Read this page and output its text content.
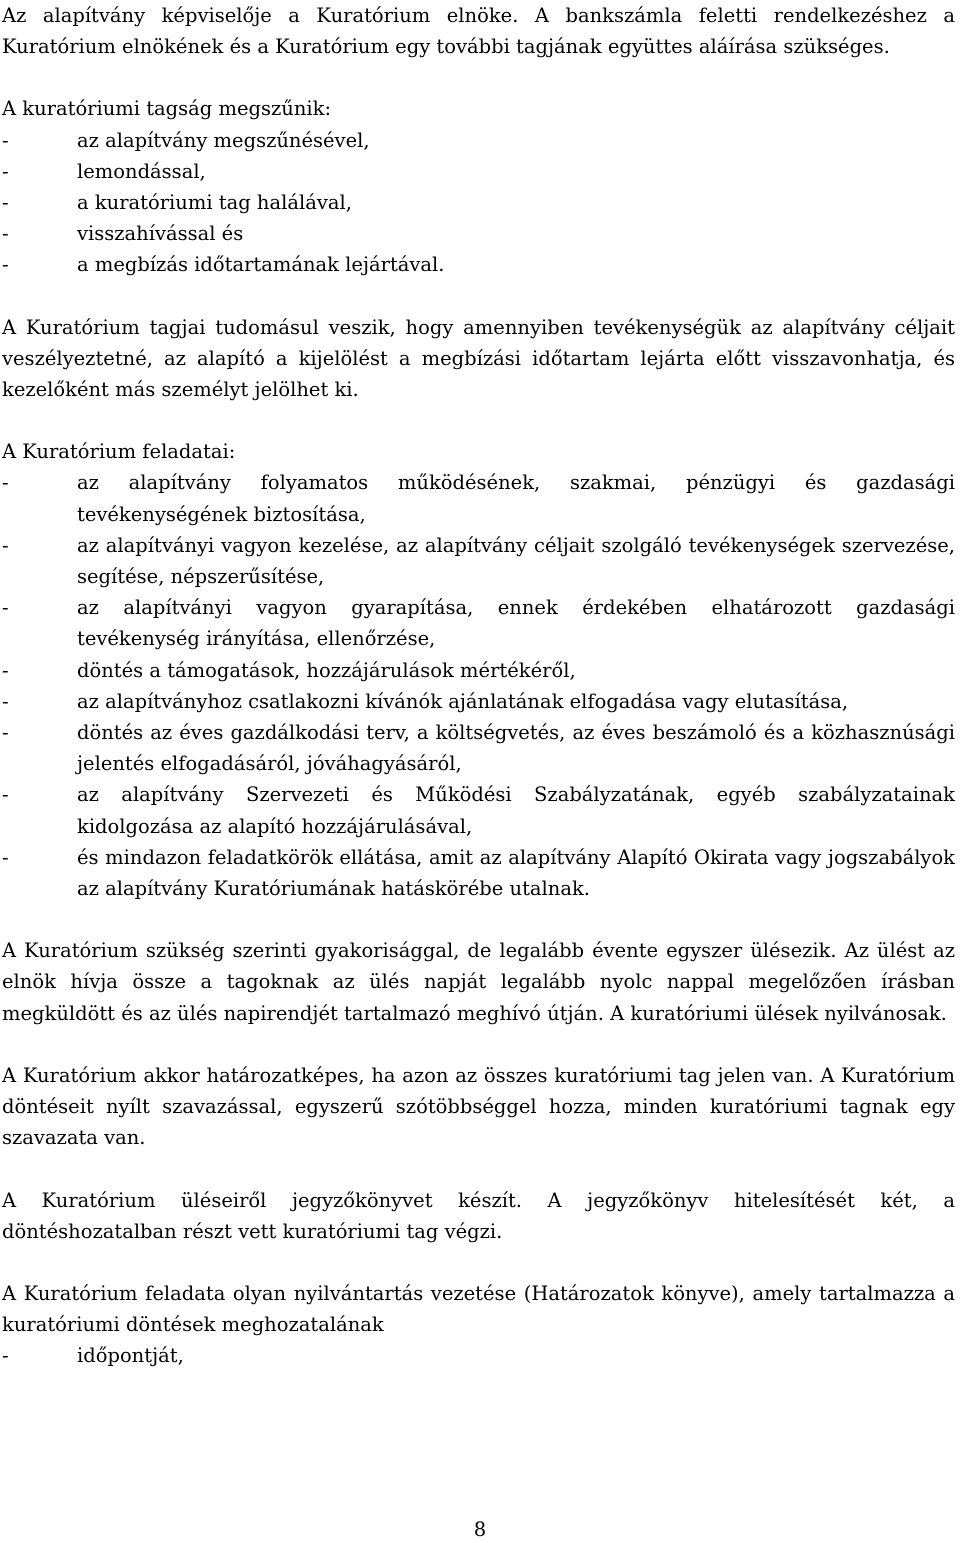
Az alapítvány képviselője a Kuratórium elnöke. A bankszámla feletti rendelkezéshez a Kuratórium elnökének és a Kuratórium egy további tagjának együttes aláírása szükséges.

A kuratóriumi tagság megszűnik:

-	az alapítvány megszűnésével,
-	lemondással,
-	a kuratóriumi tag halálával,
-	visszahívással és
-	a megbízás időtartamának lejártával.

A Kuratórium tagjai tudomásul veszik, hogy amennyiben tevékenységük az alapítvány céljait veszélyeztetné, az alapító a kijelölést a megbízási időtartam lejárta előtt visszavonhatja, és kezelőként más személyt jelölhet ki.

A Kuratórium feladatai:

-	az alapítvány folyamatos működésének, szakmai, pénzügyi és gazdasági tevékenységének biztosítása,
-	az alapítványi vagyon kezelése, az alapítvány céljait szolgáló tevékenységek szervezése, segítése, népszerűsítése,
-	az alapítványi vagyon gyarapítása, ennek érdekében elhatározott gazdasági tevékenység irányítása, ellenőrzése,
-	döntés a támogatások, hozzájárulások mértékéről,
-	az alapítványhoz csatlakozni kívánók ajánlatának elfogadása vagy elutasítása,
-	döntés az éves gazdálkodási terv, a költségvetés, az éves beszámoló és a közhasznúsági jelentés elfogadásáról, jóváhagyásáról,
-	az alapítvány Szervezeti és Működési Szabályzatának, egyéb szabályzatainak kidolgozása az alapító hozzájárulásával,
-	és mindazon feladatkörök ellátása, amit az alapítvány Alapító Okirata vagy jogszabályok az alapítvány Kuratóriumának hatáskörébe utalnak.

A Kuratórium szükség szerinti gyakorisággal, de legalább évente egyszer ülésezik. Az ülést az elnök hívja össze a tagoknak az ülés napját legalább nyolc nappal megelőzően írásban megküldött és az ülés napirendjét tartalmazó meghívó útján. A kuratóriumi ülések nyilvánosak.

A Kuratórium akkor határozatképes, ha azon az összes kuratóriumi tag jelen van. A Kuratórium döntéseit nyílt szavazással, egyszerű szótöbbséggel hozza, minden kuratóriumi tagnak egy szavazata van.

A Kuratórium üléseiről jegyzőkönyvet készít. A jegyzőkönyv hitelesítését két, a döntéshozatalban részt vett kuratóriumi tag végzi.

A Kuratórium feladata olyan nyilvántartás vezetése (Határozatok könyve), amely tartalmazza a kuratóriumi döntések meghozatalának

-	időpontját,
8
